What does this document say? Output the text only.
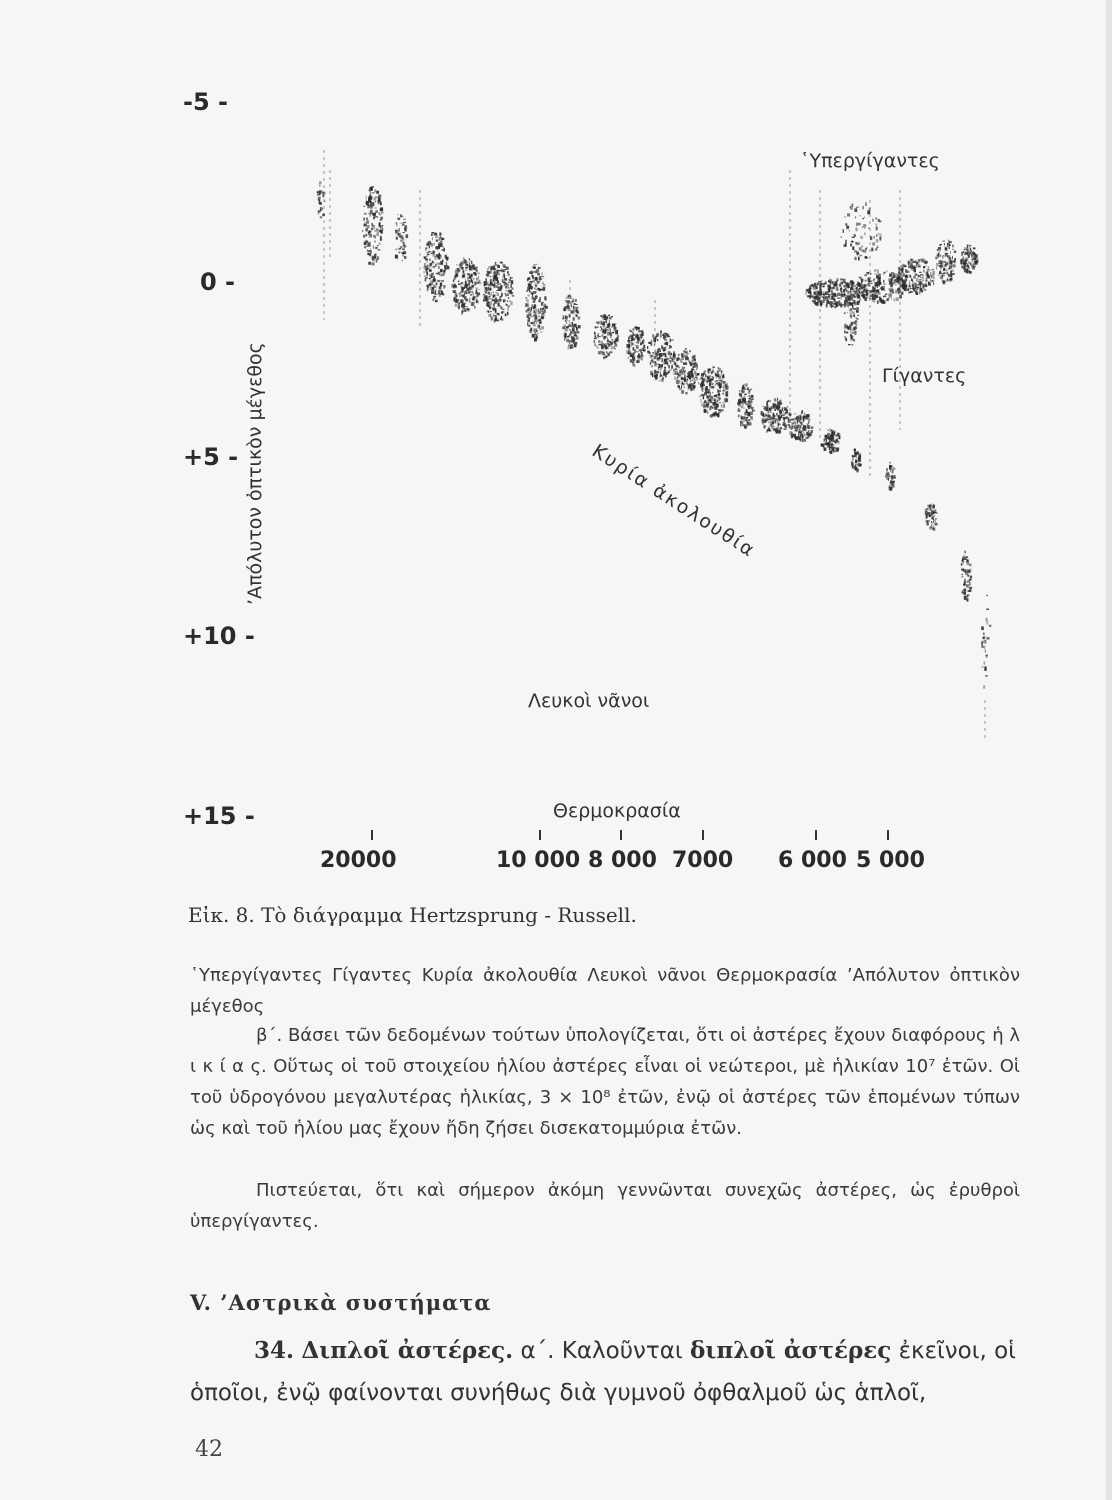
-5 -
0 -
+5 -
+10 -
+15 -
’Απόλυτον ὀπτικὸν μέγεθος
῾Υπεργίγαντες
Γίγαντες
Κυρία ἀκολουθία
Λευκοὶ νᾶνοι
Θερμοκρασία
20000	10 000 8 000 7000 6 000 5 000
Εἰκ. 8. Τὸ διάγραμμα Hertzsprung - Russell.
῾Υπεργίγαντες Γίγαντες Κυρία ἀκολουθία Λευκοὶ νᾶνοι Θερμοκρασία ’Απόλυτον ὀπτικὸν μέγεθος
β΄. Βάσει τῶν δεδομένων τούτων ὑπολογίζεται, ὅτι οἱ ἀστέρες ἔχουν διαφόρους ἡ λ ι κ ί α ς. Οὕτως οἱ τοῦ στοιχείου ἡλίου ἀστέρες εἶναι οἱ νεώτεροι, μὲ ἡλικίαν 10⁷ ἐτῶν. Οἱ τοῦ ὑδρογόνου μεγαλυτέρας ἡλικίας, 3 × 10⁸ ἐτῶν, ἐνῷ οἱ ἀστέρες τῶν ἑπομένων τύπων ὡς καὶ τοῦ ἡλίου μας ἔχουν ἤδη ζήσει δισεκατομμύρια ἐτῶν.
Πιστεύεται, ὅτι καὶ σήμερον ἀκόμη γεννῶνται συνεχῶς ἀστέρες, ὡς ἐρυθροὶ ὑπεργίγαντες.
V. ’Αστρικὰ συστήματα
34. Διπλοῖ ἀστέρες. α΄. Καλοῦνται διπλοῖ ἀστέρες ἐκεῖνοι, οἱ ὁποῖοι, ἐνῷ φαίνονται συνήθως διὰ γυμνοῦ ὀφθαλμοῦ ὡς ἁπλοῖ,
42
